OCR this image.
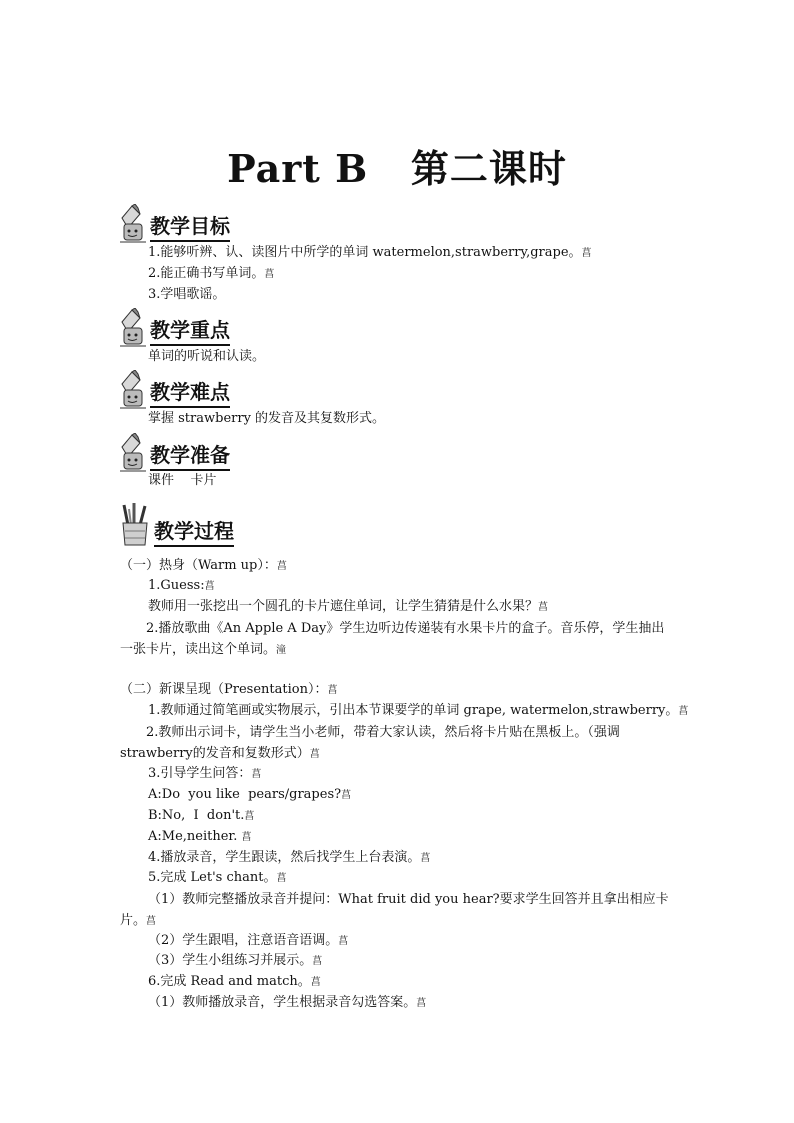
Part B   第二课时
教学目标
1.能够听辨、认、读图片中所学的单词 watermelon,strawberry,grape。菖
2.能正确书写单词。菖
3.学唱歌谣。
教学重点
单词的听说和认读。
教学难点
掌握 strawberry 的发音及其复数形式。
教学准备
课件    卡片
教学过程
（一）热身（Warm up）：菖
1.Guess:菖
教师用一张挖出一个圆孔的卡片遮住单词，让学生猜猜是什么水果？菖
2.播放歌曲《An Apple A Day》学生边听边传递装有水果卡片的盒子。音乐停，学生抽出一张卡片，读出这个单词。潼
（二）新课呈现（Presentation）：菖
1.教师通过简笔画或实物展示，引出本节课要学的单词 grape, watermelon,strawberry。菖
2.教师出示词卡，请学生当小老师，带着大家认读，然后将卡片贴在黑板上。（强调strawberry的发音和复数形式）菖
3.引导学生问答：菖
A:Do  you like  pears/grapes?菖
B:No,  I  don't.菖
A:Me,neither. 菖
4.播放录音，学生跟读，然后找学生上台表演。菖
5.完成 Let's chant。菖
（1）教师完整播放录音并提问：What fruit did you hear?要求学生回答并且拿出相应卡片。菖
（2）学生跟唱，注意语音语调。菖
（3）学生小组练习并展示。菖
6.完成 Read and match。菖
（1）教师播放录音，学生根据录音勾选答案。菖
